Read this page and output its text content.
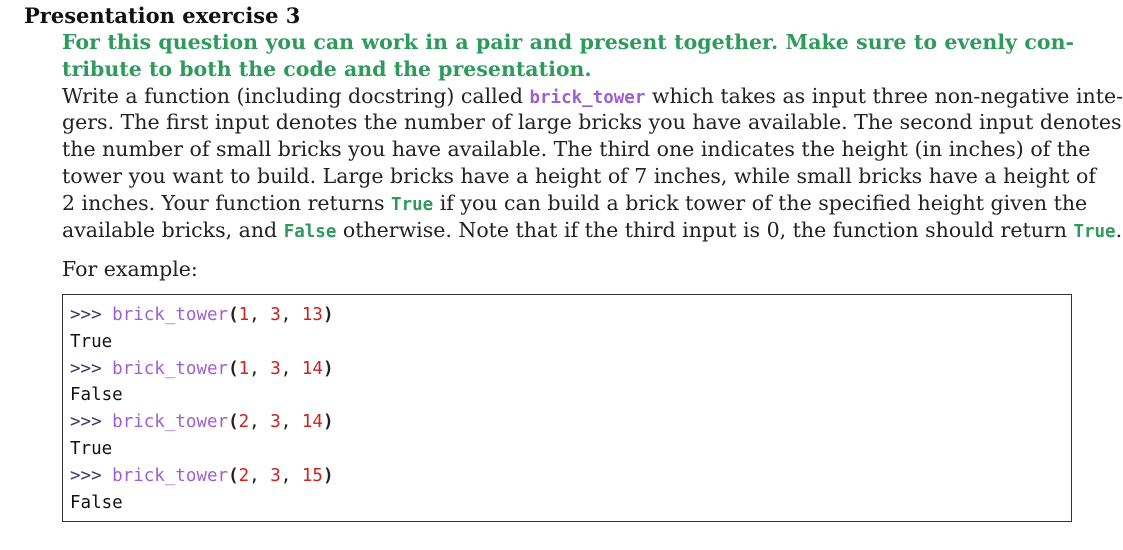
Presentation exercise 3
For this question you can work in a pair and present together. Make sure to evenly con-
tribute to both the code and the presentation.
Write a function (including docstring) called brick_tower which takes as input three non-negative inte-
gers. The first input denotes the number of large bricks you have available. The second input denotes
the number of small bricks you have available. The third one indicates the height (in inches) of the
tower you want to build. Large bricks have a height of 7 inches, while small bricks have a height of
2 inches. Your function returns True if you can build a brick tower of the specified height given the
available bricks, and False otherwise. Note that if the third input is 0, the function should return True.
For example:
>>> brick_tower(1, 3, 13)
True
>>> brick_tower(1, 3, 14)
False
>>> brick_tower(2, 3, 14)
True
>>> brick_tower(2, 3, 15)
False
